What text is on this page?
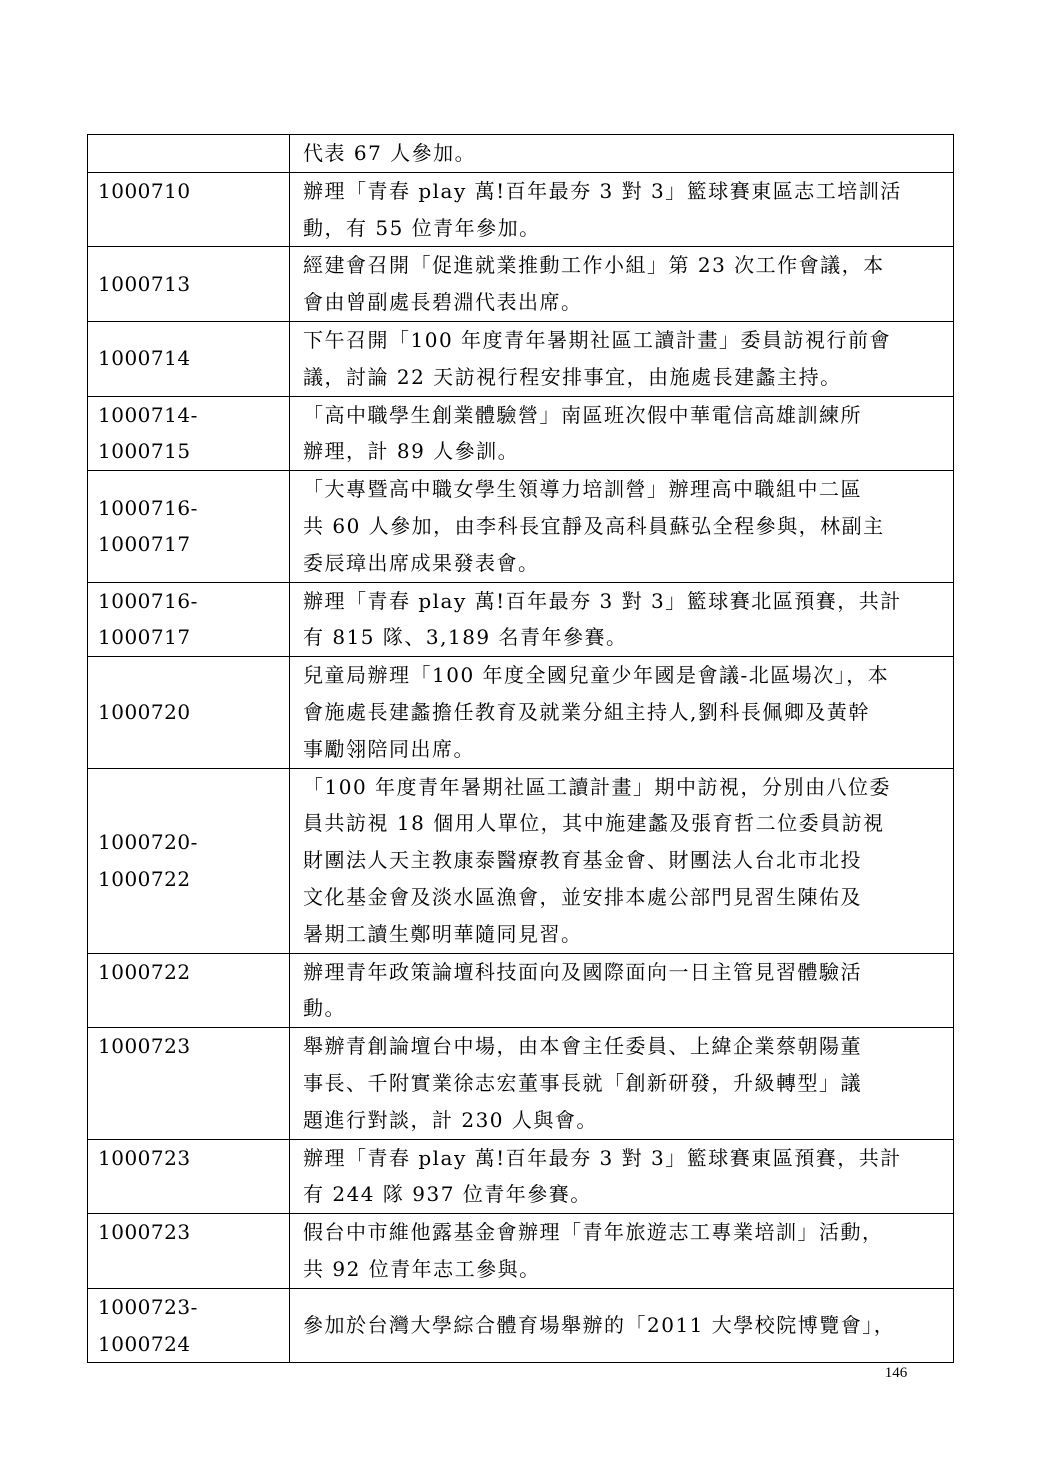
	代表 67 人參加。

1000710	辦理「青春 play 萬!百年最夯 3 對 3」籃球賽東區志工培訓活
動，有 55 位青年參加。

1000713	經建會召開「促進就業推動工作小組」第 23 次工作會議，本
會由曾副處長碧淵代表出席。

1000714	下午召開「100 年度青年暑期社區工讀計畫」委員訪視行前會
議，討論 22 天訪視行程安排事宜，由施處長建蠡主持。

1000714-1000715	「高中職學生創業體驗營」南區班次假中華電信高雄訓練所
辦理，計 89 人參訓。

1000716-1000717	「大專暨高中職女學生領導力培訓營」辦理高中職組中二區
共 60 人參加，由李科長宜靜及高科員蘇弘全程參與，林副主
委辰璋出席成果發表會。

1000716-1000717	辦理「青春 play 萬!百年最夯 3 對 3」籃球賽北區預賽，共計
有 815 隊、3,189 名青年參賽。

1000720	兒童局辦理「100 年度全國兒童少年國是會議-北區場次」，本
會施處長建蠡擔任教育及就業分組主持人,劉科長佩卿及黃幹
事勵翎陪同出席。

1000720-1000722	「100 年度青年暑期社區工讀計畫」期中訪視，分別由八位委
員共訪視 18 個用人單位，其中施建蠡及張育哲二位委員訪視
財團法人天主教康泰醫療教育基金會、財團法人台北市北投
文化基金會及淡水區漁會，並安排本處公部門見習生陳佑及
暑期工讀生鄭明華隨同見習。

1000722	辦理青年政策論壇科技面向及國際面向一日主管見習體驗活
動。

1000723	舉辦青創論壇台中場，由本會主任委員、上緯企業蔡朝陽董
事長、千附實業徐志宏董事長就「創新研發，升級轉型」議
題進行對談，計 230 人與會。

1000723	辦理「青春 play 萬!百年最夯 3 對 3」籃球賽東區預賽，共計
有 244 隊 937 位青年參賽。

1000723	假台中市維他露基金會辦理「青年旅遊志工專業培訓」活動，
共 92 位青年志工參與。

1000723-1000724	參加於台灣大學綜合體育場舉辦的「2011 大學校院博覽會」，
146
